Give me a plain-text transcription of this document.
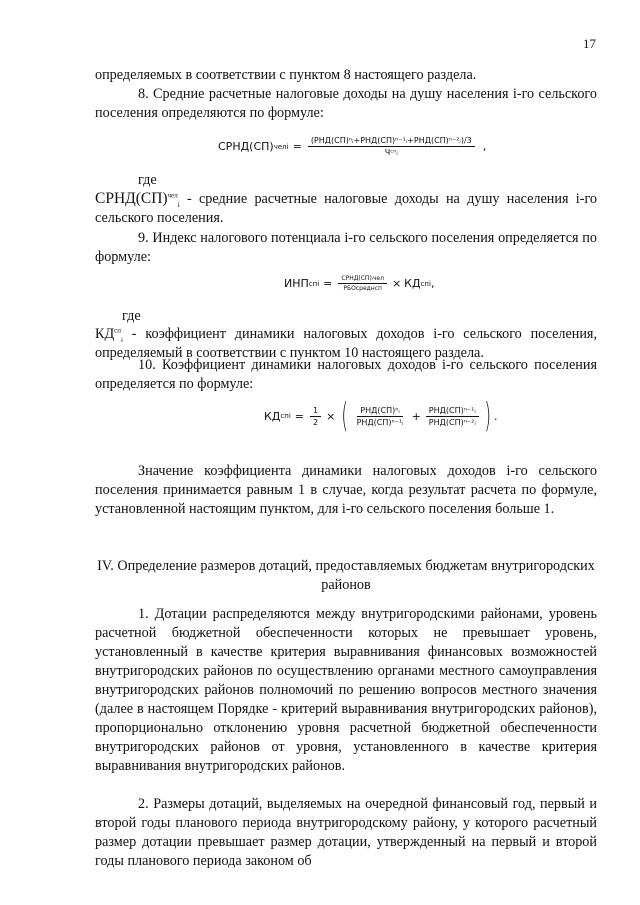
17

определяемых в соответствии с пунктом 8 настоящего раздела.

8. Средние расчетные налоговые доходы на душу населения i-го сельского поселения определяются по формуле:

СРНД(СП) чел $i = \frac{\text{(РНД(СП)ⁿᵢ+РНД(СП)ⁿ⁻¹ᵢ+РНД(СП)ⁿ⁻²ᵢ)/3}}{\text{Чᶜⁿᵢ}}$ ,

где

СРНД(СП)$^{чел}_i$ - средние расчетные налоговые доходы на душу населения i-го сельского поселения.

9. Индекс налогового потенциала i-го сельского поселения определяется по формуле:

ИНП сп $i = \frac{\text{СРНД(СП)ᵢчел}}{\text{РБОсреднсп}}$ × КД сп i ,

где

$КД^{сп}_i$ - коэффициент динамики налоговых доходов i-го сельского поселения, определяемый в соответствии с пунктом 10 настоящего раздела.

10. Коэффициент динамики налоговых доходов i-го сельского поселения определяется по формуле:

КД сп $i = \frac{1}{2}$ × ( $\frac{\text{РНД(СП)ⁿᵢ}}{\text{РНД(СП)ⁿ⁻¹ᵢ}} + \frac{\text{РНД(СП)ⁿ⁻¹ᵢ}}{\text{РНД(СП)ⁿ⁻²ᵢ}}$ ) .

Значение коэффициента динамики налоговых доходов i-го сельского поселения принимается равным 1 в случае, когда результат расчета по формуле, установленной настоящим пунктом, для i-го сельского поселения больше 1.

IV. Определение размеров дотаций, предоставляемых бюджетам внутригородских районов

1. Дотации распределяются между внутригородскими районами, уровень расчетной бюджетной обеспеченности которых не превышает уровень, установленный в качестве критерия выравнивания финансовых возможностей внутригородских районов по осуществлению органами местного самоуправления внутригородских районов полномочий по решению вопросов местного значения (далее в настоящем Порядке - критерий выравнивания внутригородских районов), пропорционально отклонению уровня расчетной бюджетной обеспеченности внутригородских районов от уровня, установленного в качестве критерия выравнивания внутригородских районов.

2. Размеры дотаций, выделяемых на очередной финансовый год, первый и второй годы планового периода внутригородскому району, у которого расчетный размер дотации превышает размер дотации, утвержденный на первый и второй годы планового периода законом об
